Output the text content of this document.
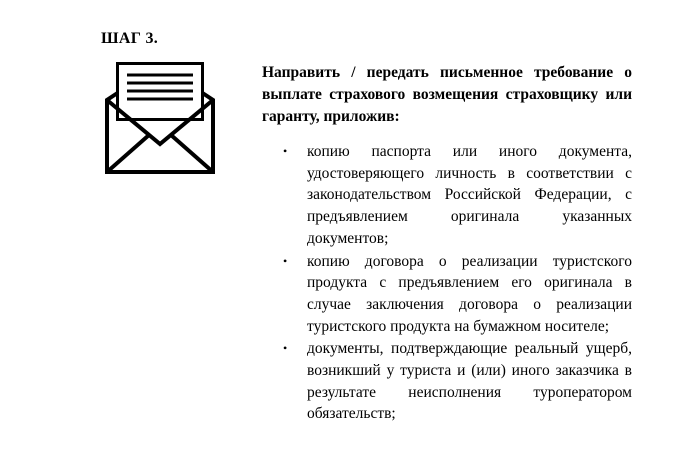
ШАГ 3.
Направить / передать письменное требование о выплате страхового возмещения страховщику или гаранту, приложив:
• копию паспорта или иного документа, удостоверяющего личность в соответствии с законодательством Российской Федерации, с предъявлением оригинала указанных документов;
• копию договора о реализации туристского продукта с предъявлением его оригинала в случае заключения договора о реализации туристского продукта на бумажном носителе;
• документы, подтверждающие реальный ущерб, возникший у туриста и (или) иного заказчика в результате неисполнения туроператором обязательств;
